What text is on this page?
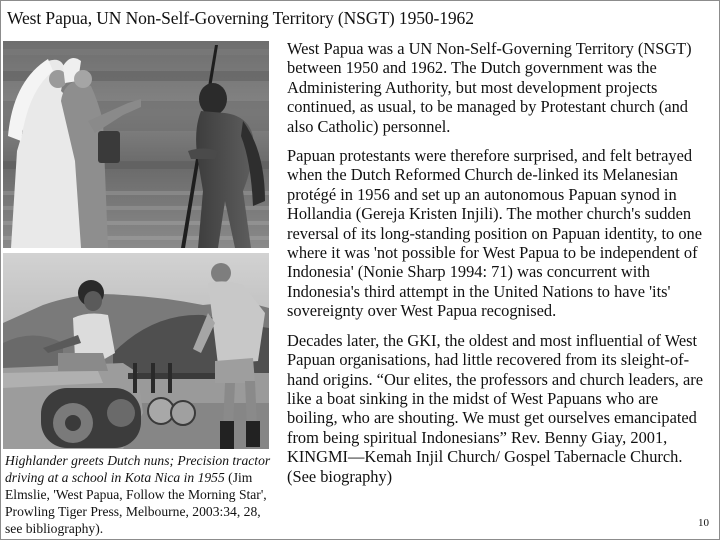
West Papua, UN Non-Self-Governing Territory (NSGT) 1950-1962
Highlander greets Dutch nuns; Precision tractor driving at a school in Kota Nica in 1955 (Jim Elmslie, 'West Papua, Follow the Morning Star', Prowling Tiger Press, Melbourne, 2003:34, 28, see bibliography).

West Papua was a UN Non-Self-Governing Territory (NSGT) between 1950 and 1962. The Dutch government was the Administering Authority, but most development projects continued, as usual, to be managed by Protestant church (and also Catholic) personnel.

Papuan protestants were therefore surprised, and felt betrayed when the Dutch Reformed Church de-linked its Melanesian protégé in 1956 and set up an autonomous Papuan synod in Hollandia (Gereja Kristen Injili). The mother church's sudden reversal of its long-standing position on Papuan identity, to one where it was 'not possible for West Papua to be independent of Indonesia' (Nonie Sharp 1994: 71) was concurrent with Indonesia's third attempt in the United Nations to have 'its' sovereignty over West Papua recognised.

Decades later, the GKI, the oldest and most influential of West Papuan organisations, had little recovered from its sleight-of-hand origins. “Our elites, the professors and church leaders, are like a boat sinking in the midst of West Papuans who are boiling, who are shouting. We must get ourselves emancipated from being spiritual Indonesians” Rev. Benny Giay, 2001, KINGMI—Kemah Injil Church/ Gospel Tabernacle Church. (See biography)

10
